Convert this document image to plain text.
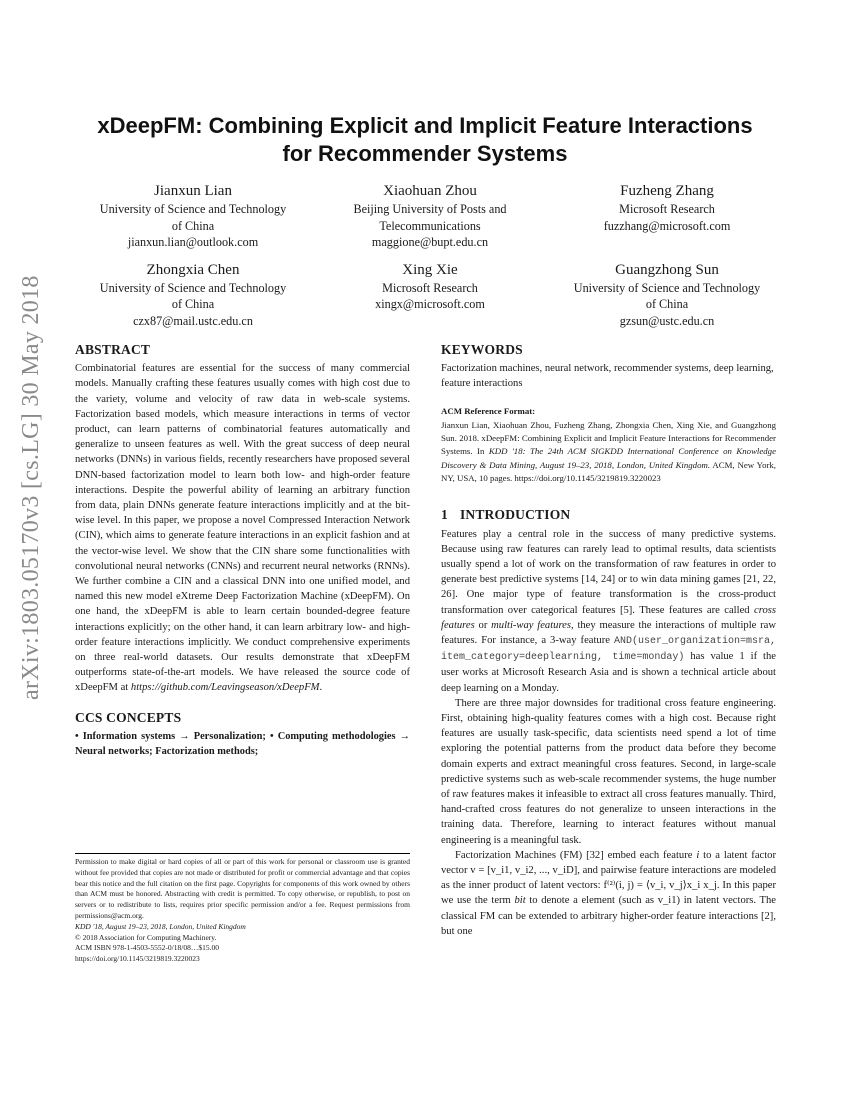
arXiv:1803.05170v3 [cs.LG] 30 May 2018
xDeepFM: Combining Explicit and Implicit Feature Interactions
for Recommender Systems
Jianxun Lian
University of Science and Technology
of China
jianxun.lian@outlook.com
Xiaohuan Zhou
Beijing University of Posts and
Telecommunications
maggione@bupt.edu.cn
Fuzheng Zhang
Microsoft Research
fuzzhang@microsoft.com
Zhongxia Chen
University of Science and Technology
of China
czx87@mail.ustc.edu.cn
Xing Xie
Microsoft Research
xingx@microsoft.com
Guangzhong Sun
University of Science and Technology
of China
gzsun@ustc.edu.cn
ABSTRACT

Combinatorial features are essential for the success of many commercial models. Manually crafting these features usually comes with high cost due to the variety, volume and velocity of raw data in web-scale systems. Factorization based models, which measure interactions in terms of vector product, can learn patterns of combinatorial features automatically and generalize to unseen features as well. With the great success of deep neural networks (DNNs) in various fields, recently researchers have proposed several DNN-based factorization model to learn both low- and high-order feature interactions. Despite the powerful ability of learning an arbitrary function from data, plain DNNs generate feature interactions implicitly and at the bit-wise level. In this paper, we propose a novel Compressed Interaction Network (CIN), which aims to generate feature interactions in an explicit fashion and at the vector-wise level. We show that the CIN share some functionalities with convolutional neural networks (CNNs) and recurrent neural networks (RNNs). We further combine a CIN and a classical DNN into one unified model, and named this new model eXtreme Deep Factorization Machine (xDeepFM). On one hand, the xDeepFM is able to learn certain bounded-degree feature interactions explicitly; on the other hand, it can learn arbitrary low- and high-order feature interactions implicitly. We conduct comprehensive experiments on three real-world datasets. Our results demonstrate that xDeepFM outperforms state-of-the-art models. We have released the source code of xDeepFM at https://github.com/Leavingseason/xDeepFM.

CCS CONCEPTS

• Information systems → Personalization; • Computing methodologies → Neural networks; Factorization methods;

Permission to make digital or hard copies of all or part of this work for personal or classroom use is granted without fee provided that copies are not made or distributed for profit or commercial advantage and that copies bear this notice and the full citation on the first page. Copyrights for components of this work owned by others than ACM must be honored. Abstracting with credit is permitted. To copy otherwise, or republish, to post on servers or to redistribute to lists, requires prior specific permission and/or a fee. Request permissions from permissions@acm.org.

KDD '18, August 19–23, 2018, London, United Kingdom

© 2018 Association for Computing Machinery.

ACM ISBN 978-1-4503-5552-0/18/08…$15.00

https://doi.org/10.1145/3219819.3220023

KEYWORDS

Factorization machines, neural network, recommender systems, deep learning, feature interactions

ACM Reference Format:

Jianxun Lian, Xiaohuan Zhou, Fuzheng Zhang, Zhongxia Chen, Xing Xie, and Guangzhong Sun. 2018. xDeepFM: Combining Explicit and Implicit Feature Interactions for Recommender Systems. In KDD '18: The 24th ACM SIGKDD International Conference on Knowledge Discovery & Data Mining, August 19–23, 2018, London, United Kingdom. ACM, New York, NY, USA, 10 pages. https://doi.org/10.1145/3219819.3220023

1 INTRODUCTION

Features play a central role in the success of many predictive systems. Because using raw features can rarely lead to optimal results, data scientists usually spend a lot of work on the transformation of raw features in order to generate best predictive systems [14, 24] or to win data mining games [21, 22, 26]. One major type of feature transformation is the cross-product transformation over categorical features [5]. These features are called cross features or multi-way features, they measure the interactions of multiple raw features. For instance, a 3-way feature AND(user_organization=msra, item_category=deeplearning, time=monday) has value 1 if the user works at Microsoft Research Asia and is shown a technical article about deep learning on a Monday.

There are three major downsides for traditional cross feature engineering. First, obtaining high-quality features comes with a high cost. Because right features are usually task-specific, data scientists need spend a lot of time exploring the potential patterns from the product data before they become domain experts and extract meaningful cross features. Second, in large-scale predictive systems such as web-scale recommender systems, the huge number of raw features makes it infeasible to extract all cross features manually. Third, hand-crafted cross features do not generalize to unseen interactions in the training data. Therefore, learning to interact features without manual engineering is a meaningful task.

Factorization Machines (FM) [32] embed each feature i to a latent factor vector v = [v_i1, v_i2, ..., v_iD], and pairwise feature interactions are modeled as the inner product of latent vectors: f⁽²⁾(i, j) = ⟨v_i, v_j⟩x_i x_j. In this paper we use the term bit to denote a element (such as v_i1) in latent vectors. The classical FM can be extended to arbitrary higher-order feature interactions [2], but one
